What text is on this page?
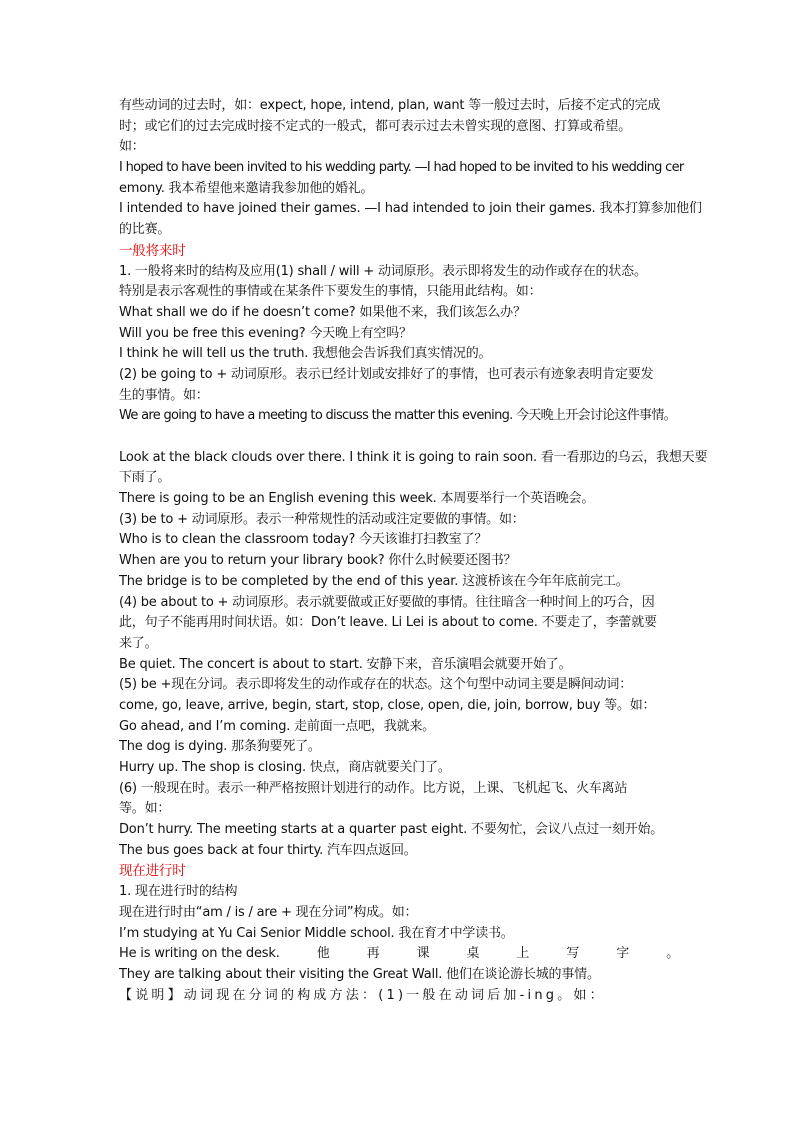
有些动词的过去时，如：expect, hope, intend, plan, want 等一般过去时，后接不定式的完成
时；或它们的过去完成时接不定式的一般式，都可表示过去未曾实现的意图、打算或希望。
如：
I hoped to have been invited to his wedding party. —I had hoped to be invited to his wedding cer
emony. 我本希望他来邀请我参加他的婚礼。
I intended to have joined their games. —I had intended to join their games. 我本打算参加他们
的比赛。
一般将来时
1. 一般将来时的结构及应用(1) shall / will + 动词原形。表示即将发生的动作或存在的状态。
特别是表示客观性的事情或在某条件下要发生的事情，只能用此结构。如：
What shall we do if he doesn’t come? 如果他不来，我们该怎么办？
Will you be free this evening? 今天晚上有空吗？
I think he will tell us the truth. 我想他会告诉我们真实情况的。
(2) be going to + 动词原形。表示已经计划或安排好了的事情，也可表示有迹象表明肯定要发
生的事情。如：
We are going to have a meeting to discuss the matter this evening. 今天晚上开会讨论这件事情。
Look at the black clouds over there. I think it is going to rain soon. 看一看那边的乌云，我想天要
下雨了。
There is going to be an English evening this week. 本周要举行一个英语晚会。
(3) be to + 动词原形。表示一种常规性的活动或注定要做的事情。如：
Who is to clean the classroom today? 今天该谁打扫教室了？
When are you to return your library book? 你什么时候要还图书？
The bridge is to be completed by the end of this year. 这渡桥该在今年年底前完工。
(4) be about to + 动词原形。表示就要做或正好要做的事情。往往暗含一种时间上的巧合，因
此，句子不能再用时间状语。如：Don’t leave. Li Lei is about to come. 不要走了，李蕾就要
来了。
Be quiet. The concert is about to start. 安静下来，音乐演唱会就要开始了。
(5) be +现在分词。表示即将发生的动作或存在的状态。这个句型中动词主要是瞬间动词：
come, go, leave, arrive, begin, start, stop, close, open, die, join, borrow, buy 等。如：
Go ahead, and I’m coming. 走前面一点吧，我就来。
The dog is dying. 那条狗要死了。
Hurry up. The shop is closing. 快点，商店就要关门了。
(6) 一般现在时。表示一种严格按照计划进行的动作。比方说，上课、飞机起飞、火车离站
等。如：
Don’t hurry. The meeting starts at a quarter past eight. 不要匆忙，会议八点过一刻开始。
The bus goes back at four thirty. 汽车四点返回。
现在进行时
1. 现在进行时的结构
现在进行时由“am / is / are + 现在分词”构成。如：
I’m studying at Yu Cai Senior Middle school. 我在育才中学读书。
He is writing on the desk.	他	再	课	桌	上	写	字	。
They are talking about their visiting the Great Wall. 他们在谈论游长城的事情。
【说明】动词现在分词的构成方法：(1)一般在动词后加-ing。如：
